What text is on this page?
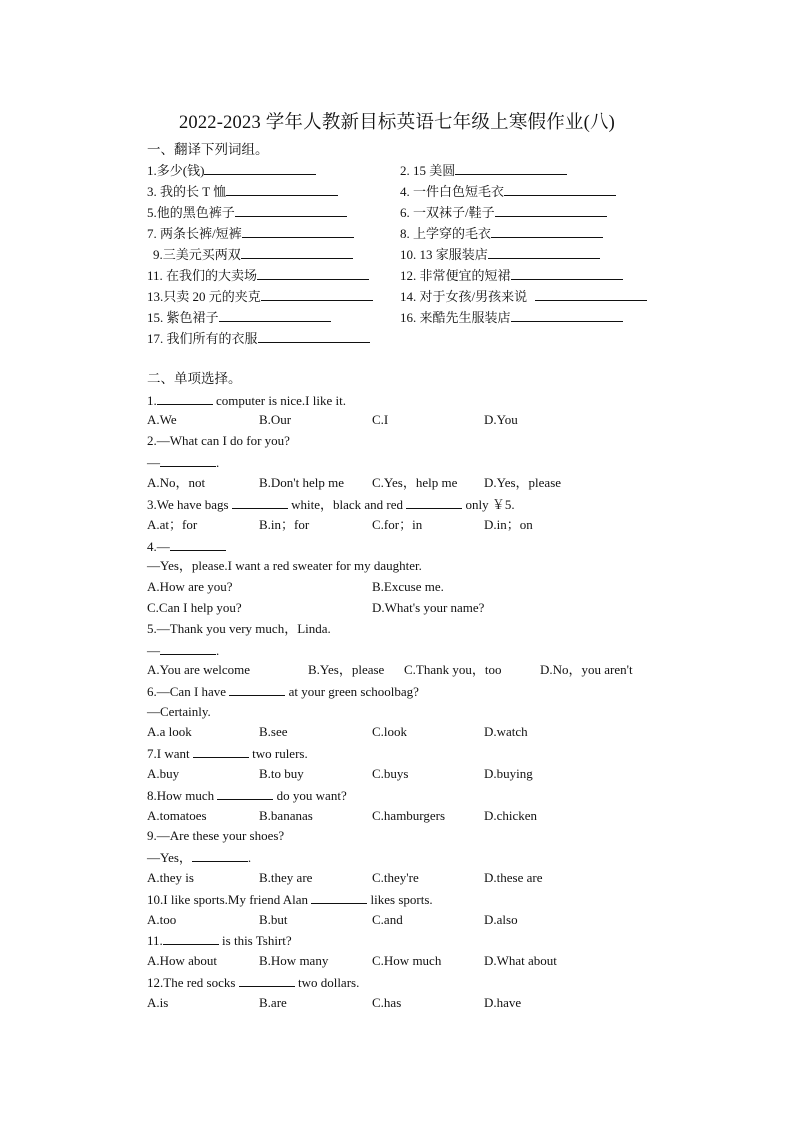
2022-2023 学年人教新目标英语七年级上寒假作业(八)
一、翻译下列词组。
1.多少(钱)	2. 15 美圆
3. 我的长 T 恤	4. 一件白色短毛衣
5.他的黑色裤子	6. 一双袜子/鞋子
7. 两条长裤/短裤	8. 上学穿的毛衣
9.三美元买两双	10. 13 家服装店
11. 在我们的大卖场	12. 非常便宜的短裙
13.只卖 20 元的夹克	14. 对于女孩/男孩来说
15. 紫色裙子	16. 来酷先生服装店
17. 我们所有的衣服
二、单项选择。
1.	computer is nice.I like it.
A.We	B.Our	C.I	D.You
2.—What can I do for you?
—	.
A.No，not	B.Don't help me C.Yes，help me D.Yes，please
3.We have bags	white，black and red	only ￥5.
A.at；for	B.in；for	C.for；in	D.in；on
4.—
—Yes，please.I want a red sweater for my daughter.
A.How are you?	B.Excuse me.
C.Can I help you?	D.What's your name?
5.—Thank you very much，Linda.
—	.
A.You are welcome	B.Yes，please C.Thank you，too	D.No，you aren't
6.—Can I have	at your green schoolbag?
—Certainly.
A.a look	B.see	C.look	D.watch
7.I want	two rulers.
A.buy	B.to buy	C.buys	D.buying
8.How much	do you want?
A.tomatoes	B.bananas	C.hamburgers	D.chicken
9.—Are these your shoes?
—Yes，	.
A.they is	B.they are	C.they're	D.these are
10.I like sports.My friend Alan	likes sports.
A.too	B.but	C.and	D.also
11.	is this Tshirt?
A.How about	B.How many	C.How much	D.What about
12.The red socks	two dollars.
A.is	B.are	C.has	D.have
